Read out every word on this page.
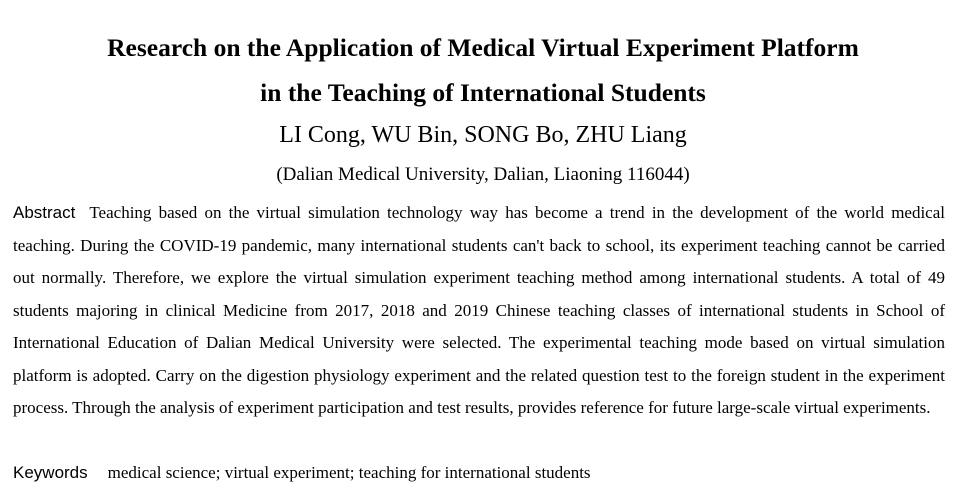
Research on the Application of Medical Virtual Experiment Platform
in the Teaching of International Students
LI Cong, WU Bin, SONG Bo, ZHU Liang
(Dalian Medical University, Dalian, Liaoning 116044)

Abstract Teaching based on the virtual simulation technology way has become a trend in the development of the world medical teaching. During the COVID-19 pandemic, many international students can't back to school, its experiment teaching cannot be carried out normally. Therefore, we explore the virtual simulation experiment teaching method among international students. A total of 49 students majoring in clinical Medicine from 2017, 2018 and 2019 Chinese teaching classes of international students in School of International Education of Dalian Medical University were selected. The experimental teaching mode based on virtual simulation platform is adopted. Carry on the digestion physiology experiment and the related question test to the foreign student in the experiment process. Through the analysis of experiment participation and test results, provides reference for future large-scale virtual experiments.

Keywords medical science; virtual experiment; teaching for international students
